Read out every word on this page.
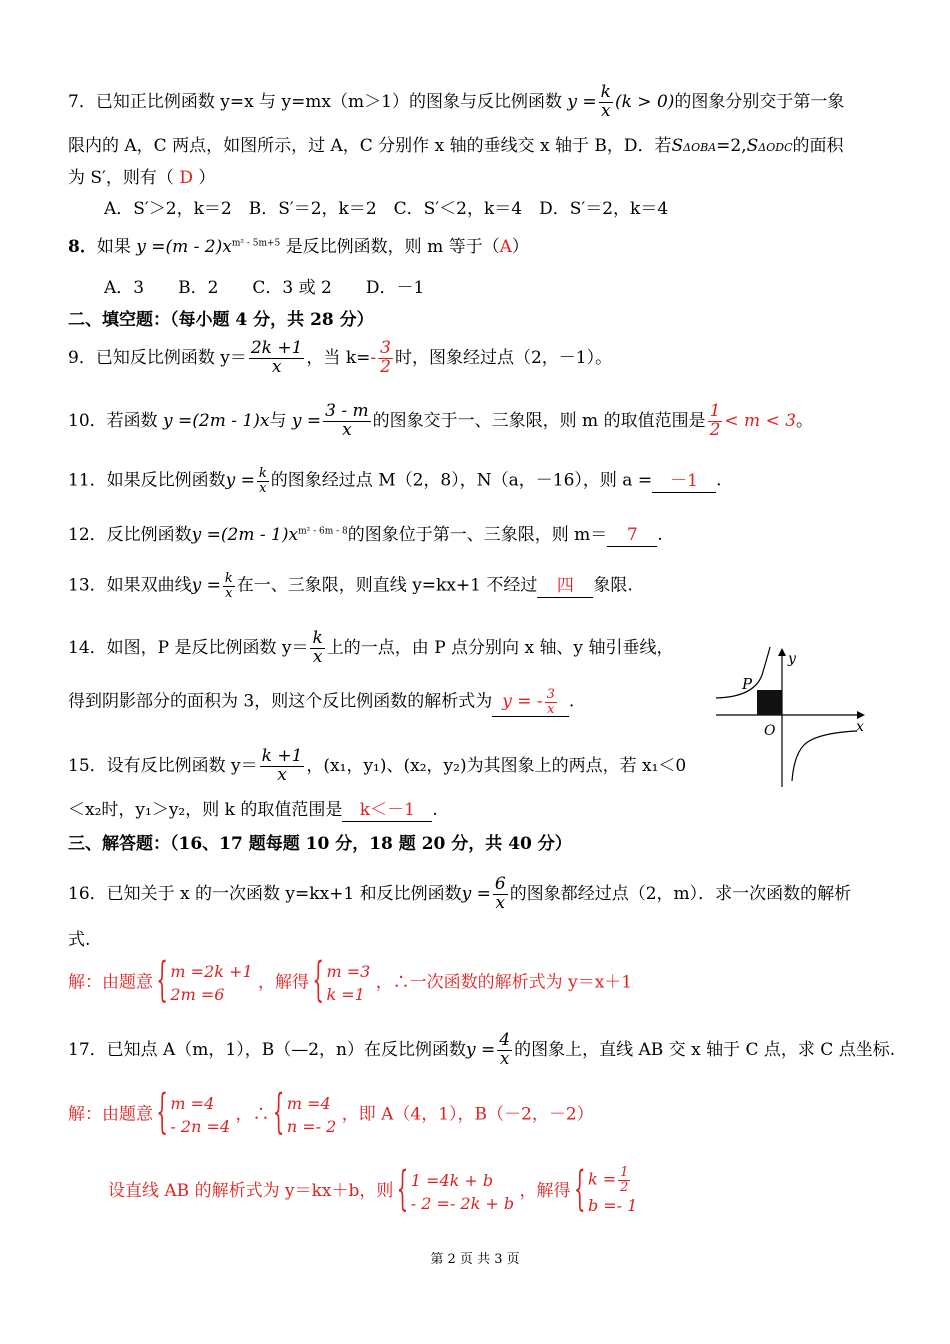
7．已知正比例函数 y=x 与 y=mx（m＞1）的图象与反比例函数 $y = \frac{k}{x} (k > 0)$的图象分别交于第一象
限内的 A，C 两点，如图所示，过 A，C 分别作 x 轴的垂线交 x 轴于 B，D．若SΔOBA=2,SΔODC的面积
为 S′，则有（ D ）
A．S′＞2，k＝2　B．S′＝2，k＝2　C．S′＜2，k＝4　D．S′＝2，k＝4
8．如果 $y =(m - 2)x^{m^2 - 5m+5}$ 是反比例函数，则 m 等于（A）
A．3　　B．2　　C．3 或 2　　D．－1
二、填空题：（每小题 4 分，共 28 分）
9．已知反比例函数 $y= \frac{2k +1}{x}$ ，当 $k=- \frac{3}{2}$ 时，图象经过点（2，－1）。
10．若函数 y =(2m - 1)x与 $y = \frac{3 - m}{x}$ 的图象交于一、三象限，则 m 的取值范围是 $\frac{1}{2} < m < 3$。
11．如果反比例函数$y = \frac{k}{x}$ 的图象经过点 M（2，8），N（a，－16），则 a = －1 .
12．反比例函数$y =(2m - 1)x^{m^2 - 6m - 8}$的图象位于第一、三象限，则 m＝ 7 .
13．如果双曲线$y = \frac{k}{x}$ 在一、三象限，则直线 y=kx+1 不经过 四 象限.
14．如图，P 是反比例函数 $y= \frac{k}{x}$ 上的一点，由 P 点分别向 x 轴、y 轴引垂线，
得到阴影部分的面积为 3，则这个反比例函数的解析式为 y = - $\frac{3}{x}$ .
P
y
x
O
15．设有反比例函数 $y= \frac{k +1}{x}$ ，(x₁，y₁)、(x₂，y₂)为其图象上的两点，若 x₁＜0
＜x₂时，y₁＞y₂，则 k 的取值范围是 k＜－1 .
三、解答题：（16、17 题每题 10 分，18 题 20 分，共 40 分）
16．已知关于 x 的一次函数 y=kx+1 和反比例函数$y = \frac{6}{x}$ 的图象都经过点（2，m）．求一次函数的解析
式.
解：由题意
{ m =2k +1
2m =6
，解得
{ m =3
k =1
，∴一次函数的解析式为 y＝x＋1
17．已知点 A（m，1），B（—2，n）在反比例函数$y = \frac{4}{x}$ 的图象上，直线 AB 交 x 轴于 C 点，求 C 点坐标.
解：由题意
{ m =4
- 2n =4
，∴
{ m =4
n =- 2
，即 A（4，1），B（－2，－2）
设直线 AB 的解析式为 y＝kx＋b，则
{ 1 =4k + b
- 2 =- 2k + b
，解得
{ $k = \frac{1}{2}$
b =- 1
第 2 页 共 3 页
